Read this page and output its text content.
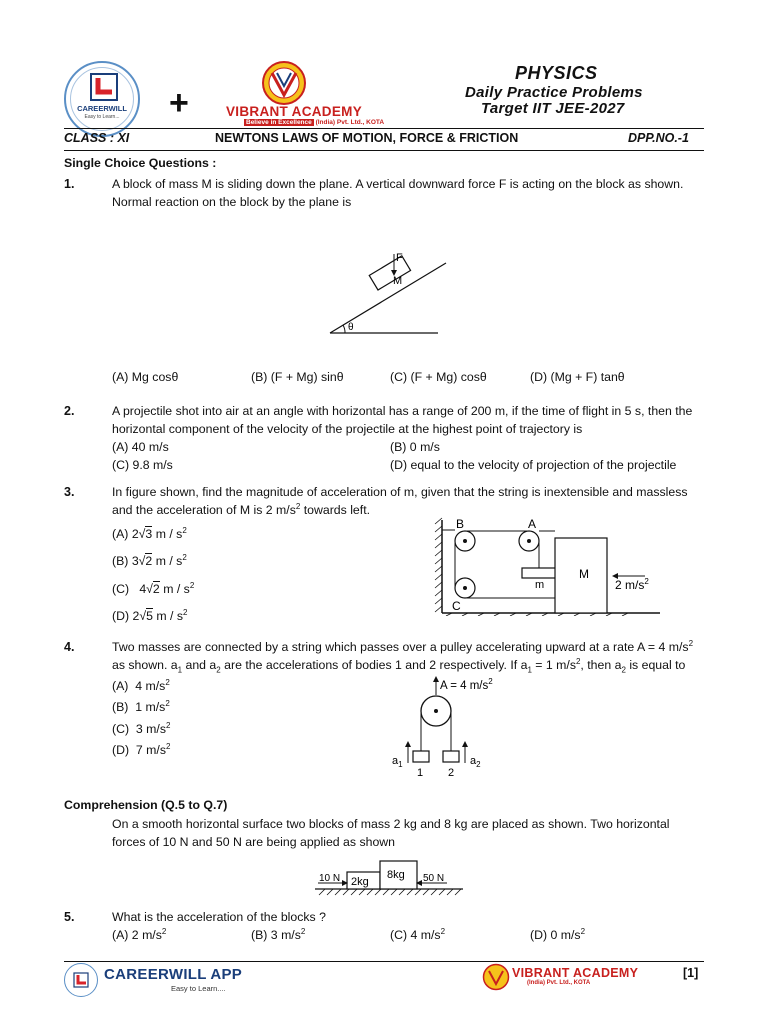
CAREERWILL
Easy to Learn...	+	VIBRANT ACADEMY
Believe in Excellence (India) Pvt. Ltd., KOTA
PHYSICS
Daily Practice Problems
Target IIT JEE-2027
CLASS : XI	NEWTONS LAWS OF MOTION, FORCE & FRICTION	DPP.NO.-1
Single Choice Questions :
1.	A block of mass M is sliding down the plane. A vertical downward force F is acting on the block as shown.
Normal reaction on the block by the plane is
F
M
θ
(A) Mg cosθ	(B) (F + Mg) sinθ	(C) (F + Mg) cosθ	(D) (Mg + F) tanθ
2.	A projectile shot into air at an angle with horizontal has a range of 200 m, if the time of flight in 5 s, then the
horizontal component of the velocity of the projectile at the highest point of trajectory is
(A) 40 m/s	(B) 0 m/s
(C) 9.8 m/s	(D) equal to the velocity of projection of the projectile
3.	In figure shown, find the magnitude of acceleration of m, given that the string is inextensible and massless
and the acceleration of M is 2 $m/s^2$ towards left.
(A) 2√3 m / $s^2$
(B) 3√2 m / $s^2$
(C) 4√2 m / $s^2$
(D) 2√5 m / $s^2$
B	A
C
m
M
2 $m/s^2$
4.	Two masses are connected by a string which passes over a pulley accelerating upward at a rate A = 4 $m/s^2$
as shown. $a_1$ and $a_2$ are the accelerations of bodies 1 and 2 respectively. If $a_1 = 1$ $m/s^2$, then $a_2$ is equal to
(A) 4 $m/s^2$
(B) 1 $m/s^2$
(C) 3 $m/s^2$
(D) 7 $m/s^2$
A = 4 $m/s^2$
$a_1$	$a_2$
1 2
Comprehension (Q.5 to Q.7)
On a smooth horizontal surface two blocks of mass 2 kg and 8 kg are placed as shown. Two horizontal
forces of 10 N and 50 N are being applied as shown
10 N 2kg
8kg 50 N
5.	What is the acceleration of the blocks ?
(A) 2 $m/s^2$	(B) 3 $m/s^2$	(C) 4 $m/s^2$	(D) 0 $m/s^2$
CAREERWILL APP
Easy to Learn....
VIBRANT ACADEMY
(India) Pvt. Ltd., KOTA
[1]
